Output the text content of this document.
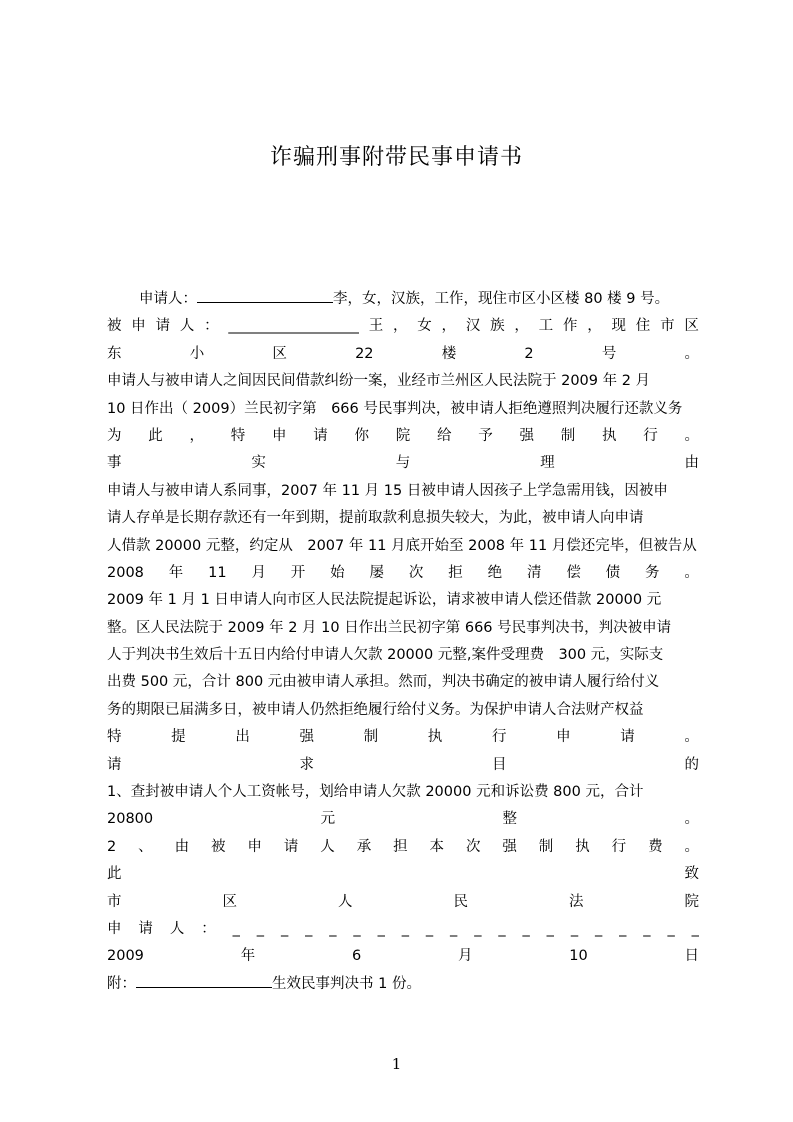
诈骗刑事附带民事申请书
申请人：	李，女，汉族，工作，现住市区小区楼 80 楼 9 号。
被 申 请 人 ： __________________ 王 ， 女 ， 汉 族 ， 工 作 ， 现 住 市 区
东	小	区	22	楼	2	号	。
申请人与被申请人之间因民间借款纠纷一案，业经市兰州区人民法院于 2009 年 2 月
10 日作出（ 2009）兰民初字第　666 号民事判决，被申请人拒绝遵照判决履行还款义务
为 此 ， 特 申 请 你 院 给 予 强 制 执 行 。
事	实	与	理	由
申请人与被申请人系同事，2007 年 11 月 15 日被申请人因孩子上学急需用钱，因被申
请人存单是长期存款还有一年到期，提前取款利息损失较大，为此，被申请人向申请
人借款 20000 元整，约定从　2007 年 11 月底开始至 2008 年 11 月偿还完毕，但被告从
2008 年 11 月 开 始 屡 次 拒 绝 清 偿 债 务 。
2009 年 1 月 1 日申请人向市区人民法院提起诉讼，请求被申请人偿还借款 20000 元
整。区人民法院于 2009 年 2 月 10 日作出兰民初字第 666 号民事判决书，判决被申请
人于判决书生效后十五日内给付申请人欠款 20000 元整,案件受理费　300 元，实际支
出费 500 元，合计 800 元由被申请人承担。然而，判决书确定的被申请人履行给付义
务的期限已届满多日，被申请人仍然拒绝履行给付义务。为保护申请人合法财产权益
特	提	出	强	制	执	行	申	请	。
请	求	目	的
1、查封被申请人个人工资帐号，划给申请人欠款 20000 元和诉讼费 800 元，合计
20800	元	整	。
2 、 由 被 申 请 人 承 担 本 次 强 制 执 行 费 。
此	致
市	区	人	民	法	院
申 请 人 ： _ _ _ _ _ _ _ _ _ _ _ _ _ _ _ _ _ _ _ _
2009	年	6	月	10	日
附：	生效民事判决书 1 份。
1
